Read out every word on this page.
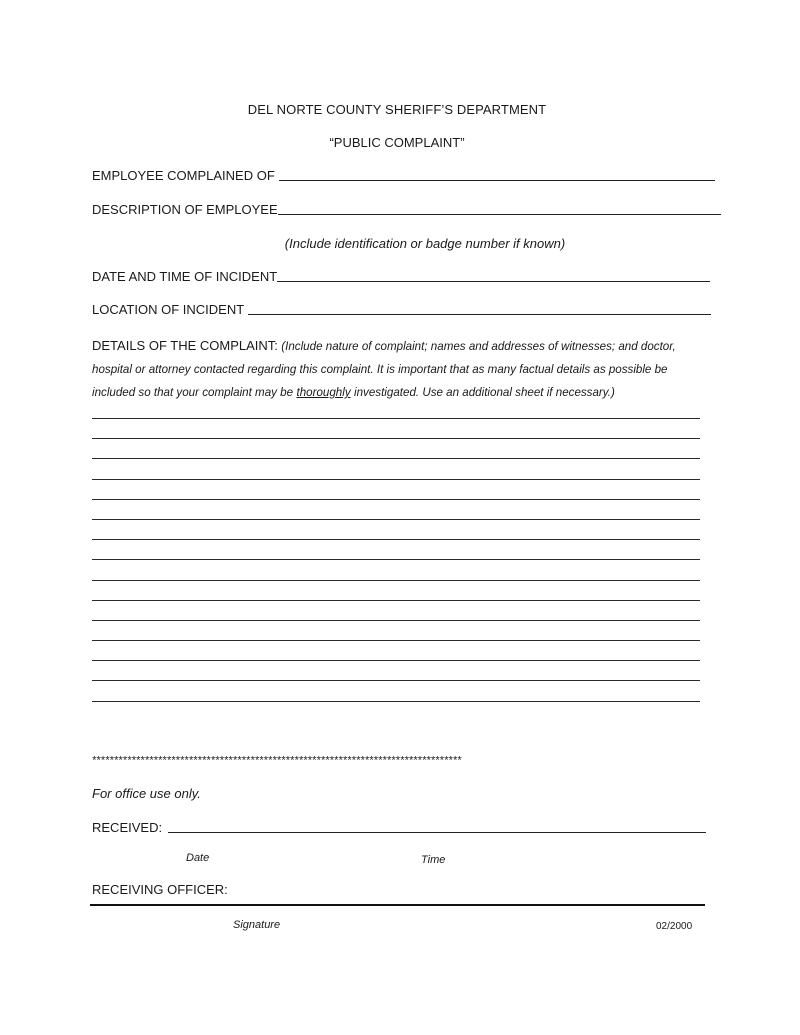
DEL NORTE COUNTY SHERIFF’S DEPARTMENT
“PUBLIC COMPLAINT”
EMPLOYEE COMPLAINED OF
DESCRIPTION OF EMPLOYEE
(Include identification or badge number if known)
DATE AND TIME OF INCIDENT
LOCATION OF INCIDENT
DETAILS OF THE COMPLAINT: (Include nature of complaint; names and addresses of witnesses; and doctor, hospital or attorney contacted regarding this complaint. It is important that as many factual details as possible be included so that your complaint may be thoroughly investigated. Use an additional sheet if necessary.)
************************************************************************************
For office use only.
RECEIVED:
Date	Time
RECEIVING OFFICER:
Signature	02/2000
